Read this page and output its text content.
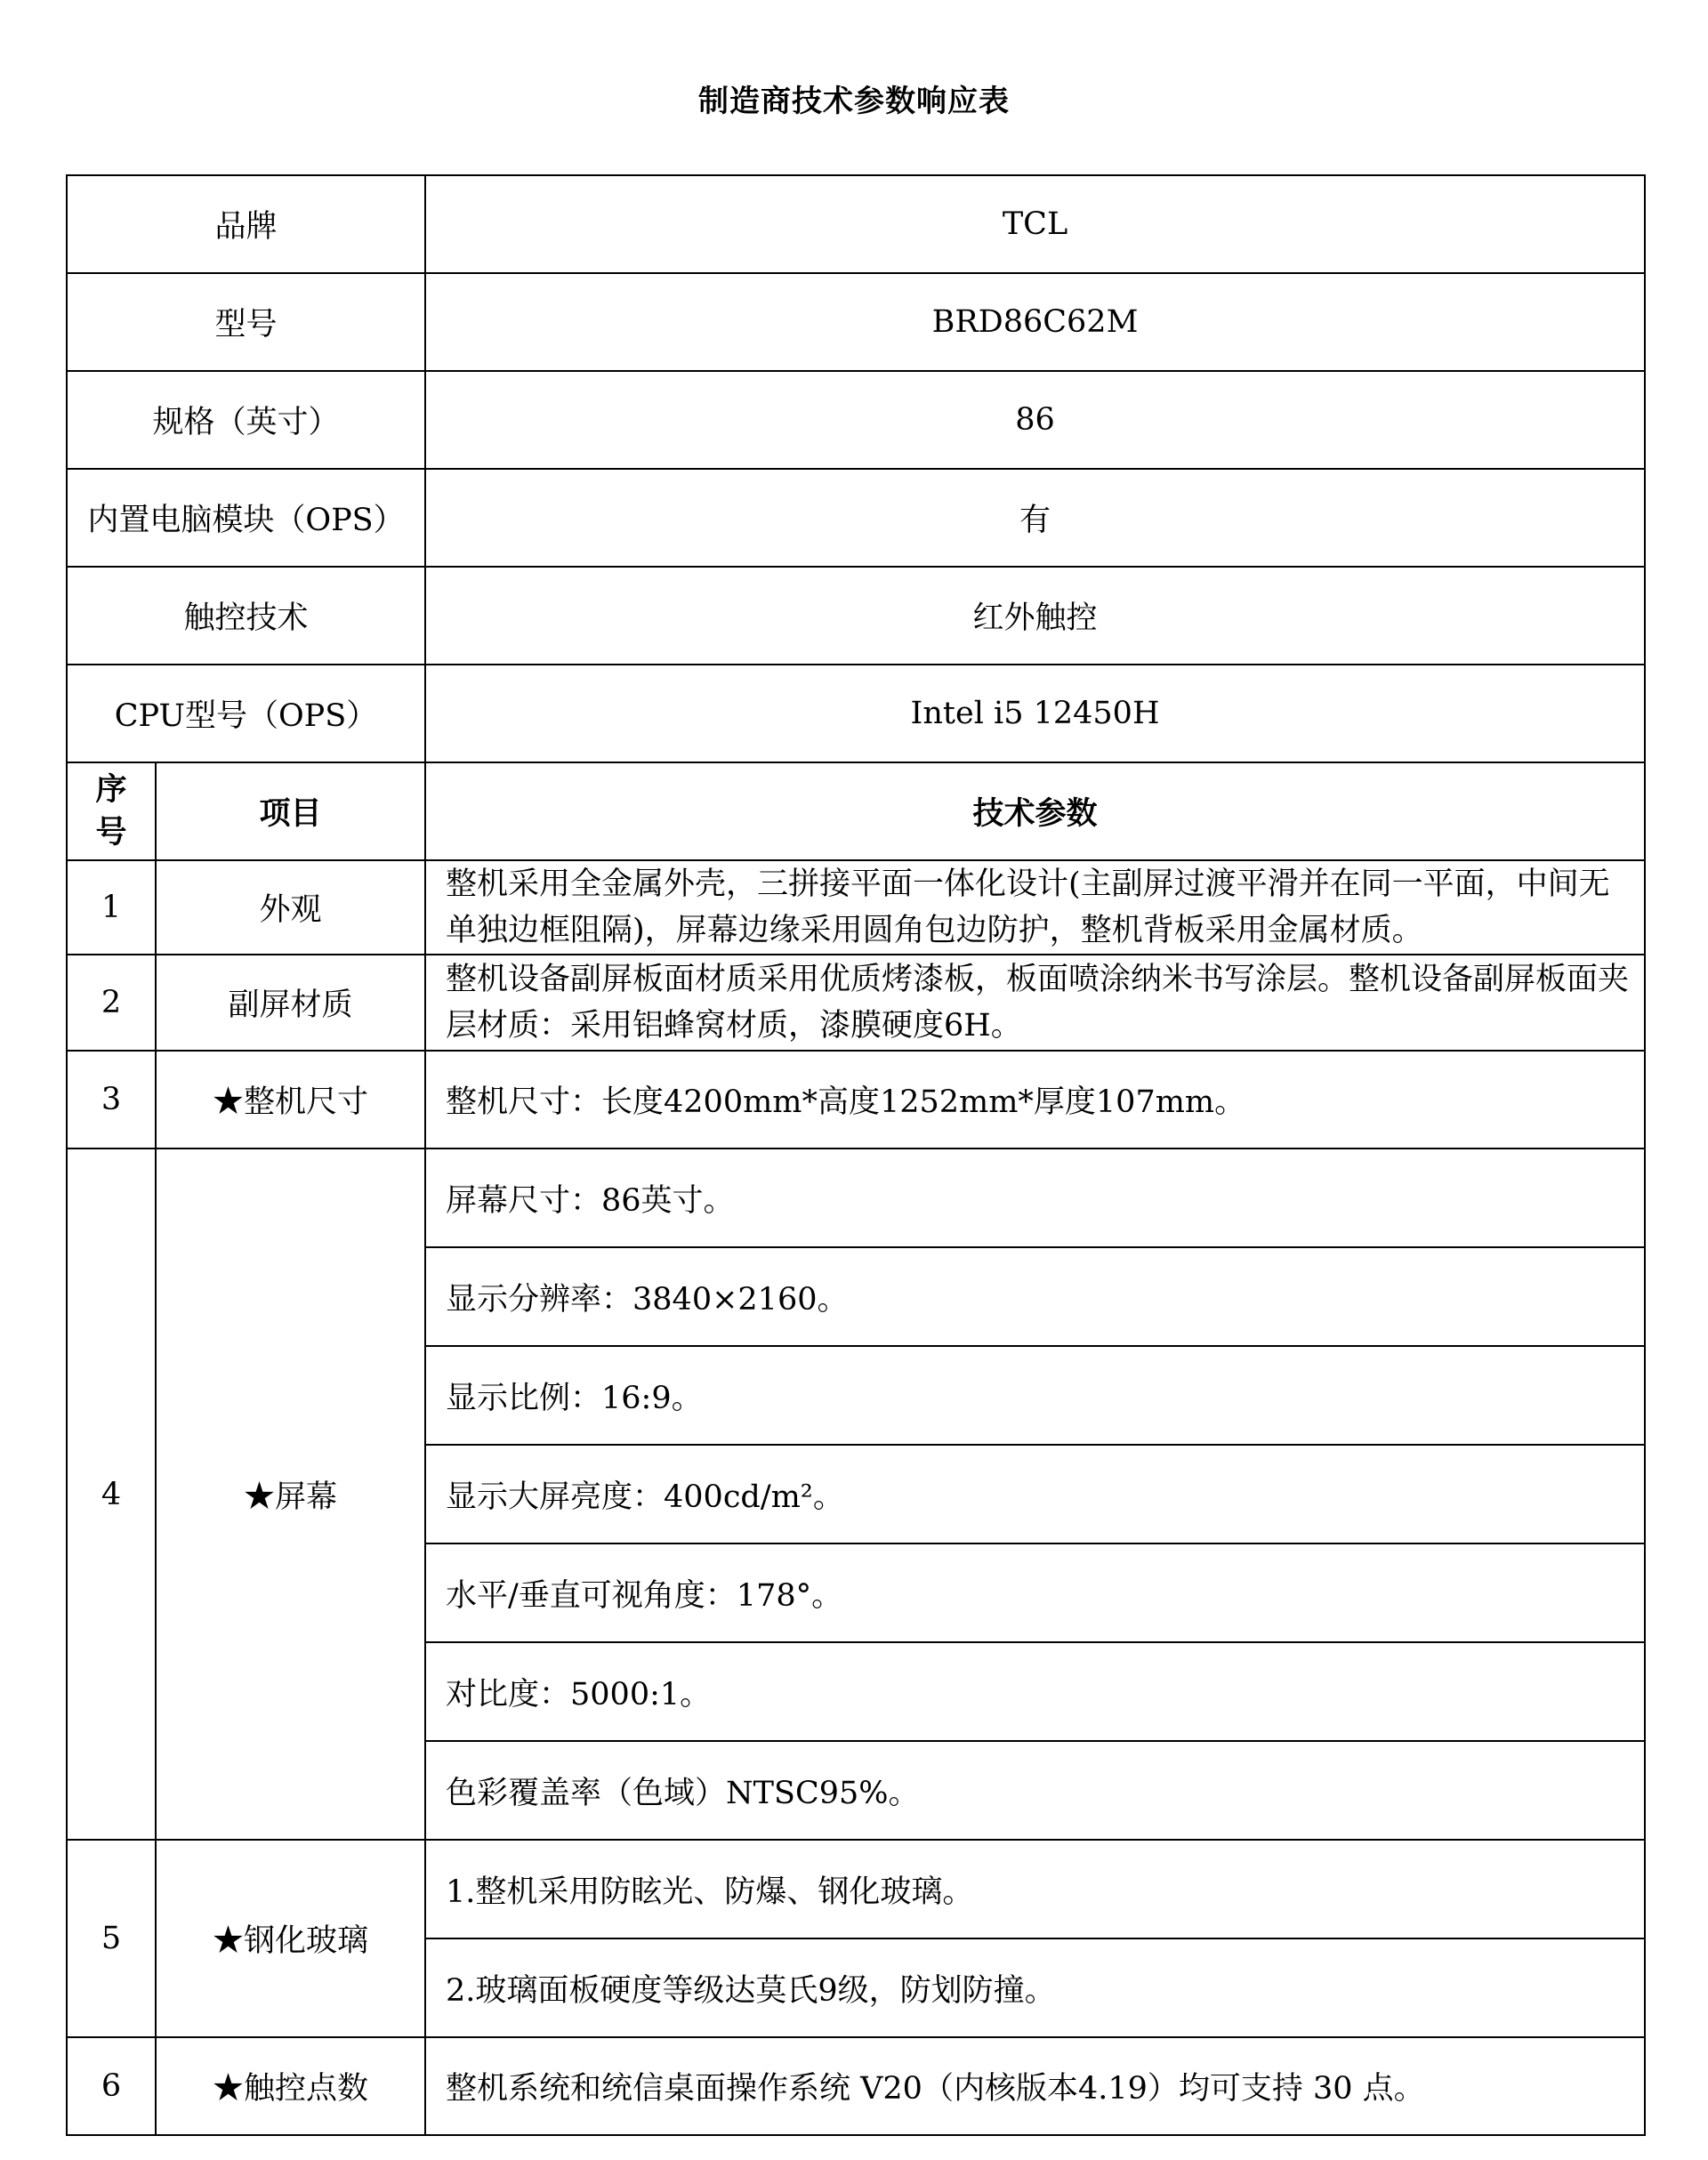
制造商技术参数响应表
品牌		TCL
型号		BRD86C62M
规格（英寸）		86
内置电脑模块（OPS）		有
触控技术		红外触控
CPU型号（OPS）		Intel i5 12450H

序
号	项目	技术参数
1	外观	整机采用全金属外壳，三拼接平面一体化设计(主副屏过渡平滑并在同一平面，中间无单独边框阻隔)，屏幕边缘采用圆角包边防护，整机背板采用金属材质。
2	副屏材质	整机设备副屏板面材质采用优质烤漆板，板面喷涂纳米书写涂层。整机设备副屏板面夹层材质：采用铝蜂窝材质，漆膜硬度6H。
3	★整机尺寸	整机尺寸：长度4200mm*高度1252mm*厚度107mm。
4	★屏幕	屏幕尺寸：86英寸。
		显示分辨率：3840×2160。
		显示比例：16:9。
		显示大屏亮度：400cd/m²。
		水平/垂直可视角度：178°。
		对比度：5000:1。
		色彩覆盖率（色域）NTSC95%。
5	★钢化玻璃	1.整机采用防眩光、防爆、钢化玻璃。
		2.玻璃面板硬度等级达莫氏9级，防划防撞。
6	★触控点数	整机系统和统信桌面操作系统 V20（内核版本4.19）均可支持 30 点。
